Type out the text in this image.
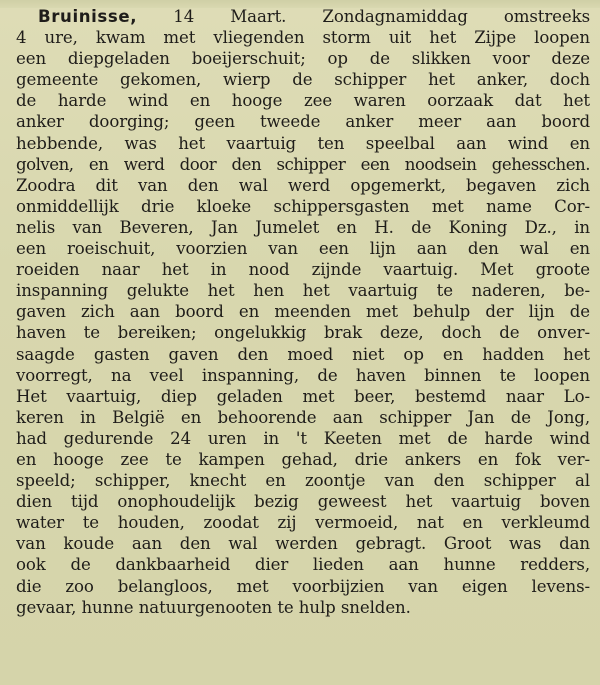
Bruinisse, 14 Maart. Zondagnamiddag omstreeks
4 ure, kwam met vliegenden storm uit het Zijpe loopen
een diepgeladen boeijerschuit; op de slikken voor deze
gemeente gekomen, wierp de schipper het anker, doch
de harde wind en hooge zee waren oorzaak dat het
anker doorging; geen tweede anker meer aan boord
hebbende, was het vaartuig ten speelbal aan wind en
golven, en werd door den schipper een noodsein gehesschen.
Zoodra dit van den wal werd opgemerkt, begaven zich
onmiddellijk drie kloeke schippersgasten met name Cor-
nelis van Beveren, Jan Jumelet en H. de Koning Dz., in
een roeischuit, voorzien van een lijn aan den wal en
roeiden naar het in nood zijnde vaartuig. Met groote
inspanning gelukte het hen het vaartuig te naderen, be-
gaven zich aan boord en meenden met behulp der lijn de
haven te bereiken; ongelukkig brak deze, doch de onver-
saagde gasten gaven den moed niet op en hadden het
voorregt, na veel inspanning, de haven binnen te loopen
Het vaartuig, diep geladen met beer, bestemd naar Lo-
keren in België en behoorende aan schipper Jan de Jong,
had gedurende 24 uren in 't Keeten met de harde wind
en hooge zee te kampen gehad, drie ankers en fok ver-
speeld; schipper, knecht en zoontje van den schipper al
dien tijd onophoudelijk bezig geweest het vaartuig boven
water te houden, zoodat zij vermoeid, nat en verkleumd
van koude aan den wal werden gebragt. Groot was dan
ook de dankbaarheid dier lieden aan hunne redders,
die zoo belangloos, met voorbijzien van eigen levens-
gevaar, hunne natuurgenooten te hulp snelden.
